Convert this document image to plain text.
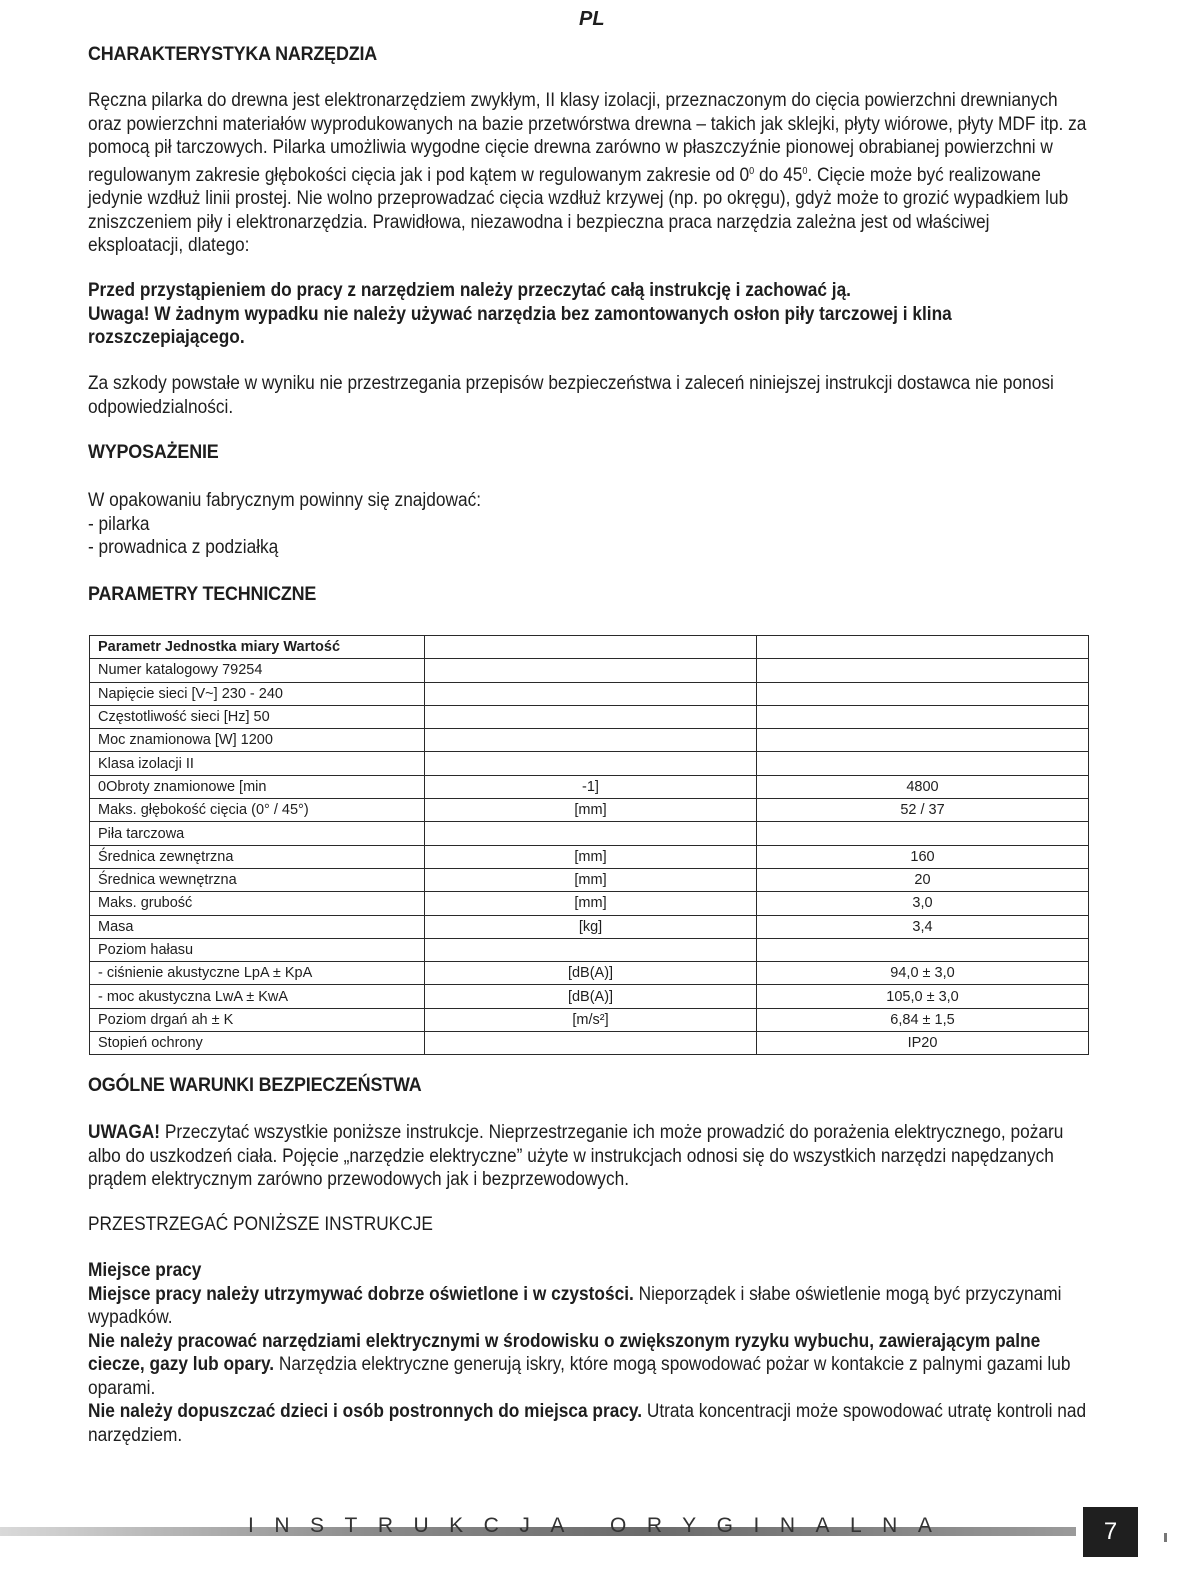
PL
CHARAKTERYSTYKA NARZĘDZIA

Ręczna pilarka do drewna jest elektronarzędziem zwykłym, II klasy izolacji, przeznaczonym do cięcia powierzchni drewnianych oraz powierzchni materiałów wyprodukowanych na bazie przetwórstwa drewna – takich jak sklejki, płyty wiórowe, płyty MDF itp. za pomocą pił tarczowych. Pilarka umożliwia wygodne cięcie drewna zarówno w płaszczyźnie pionowej obrabianej powierzchni w regulowanym zakresie głębokości cięcia jak i pod kątem w regulowanym zakresie od $0^0$ do $45^0$. Cięcie może być realizowane jedynie wzdłuż linii prostej. Nie wolno przeprowadzać cięcia wzdłuż krzywej (np. po okręgu), gdyż może to grozić wypadkiem lub zniszczeniem piły i elektronarzędzia. Prawidłowa, niezawodna i bezpieczna praca narzędzia zależna jest od właściwej eksploatacji, dlatego:

Przed przystąpieniem do pracy z narzędziem należy przeczytać całą instrukcję i zachować ją.

Uwaga! W żadnym wypadku nie należy używać narzędzia bez zamontowanych osłon piły tarczowej i klina rozszczepiającego.

Za szkody powstałe w wyniku nie przestrzegania przepisów bezpieczeństwa i zaleceń niniejszej instrukcji dostawca nie ponosi odpowiedzialności.

WYPOSAŻENIE

W opakowaniu fabrycznym powinny się znajdować:

- pilarka

- prowadnica z podziałką

PARAMETRY TECHNICZNE
Parametr Jednostka miary Wartość		
Numer katalogowy 79254		
Napięcie sieci [V~] 230 - 240		
Częstotliwość sieci [Hz] 50		
Moc znamionowa [W] 1200		
Klasa izolacji II		
0Obroty znamionowe [min	-1]	4800
Maks. głębokość cięcia (0° / 45°)	[mm]	52 / 37
Piła tarczowa		
Średnica zewnętrzna	[mm]	160
Średnica wewnętrzna	[mm]	20
Maks. grubość	[mm]	3,0
Masa	[kg]	3,4
Poziom hałasu		
- ciśnienie akustyczne LpA ± KpA	[dB(A)]	94,0 ± 3,0
- moc akustyczna LwA ± KwA	[dB(A)]	105,0 ± 3,0
Poziom drgań ah ± K	[m/s²]	6,84 ± 1,5
Stopień ochrony		IP20
OGÓLNE WARUNKI BEZPIECZEŃSTWA

UWAGA! Przeczytać wszystkie poniższe instrukcje. Nieprzestrzeganie ich może prowadzić do porażenia elektrycznego, pożaru albo do uszkodzeń ciała. Pojęcie „narzędzie elektryczne” użyte w instrukcjach odnosi się do wszystkich narzędzi napędzanych prądem elektrycznym zarówno przewodowych jak i bezprzewodowych.

PRZESTRZEGAĆ PONIŻSZE INSTRUKCJE

Miejsce pracy

Miejsce pracy należy utrzymywać dobrze oświetlone i w czystości. Nieporządek i słabe oświetlenie mogą być przyczynami wypadków.

Nie należy pracować narzędziami elektrycznymi w środowisku o zwiększonym ryzyku wybuchu, zawierającym palne ciecze, gazy lub opary. Narzędzia elektryczne generują iskry, które mogą spowodować pożar w kontakcie z palnymi gazami lub oparami.

Nie należy dopuszczać dzieci i osób postronnych do miejsca pracy. Utrata koncentracji może spowodować utratę kontroli nad narzędziem.

INSTRUKCJA ORYGINALNA	7
